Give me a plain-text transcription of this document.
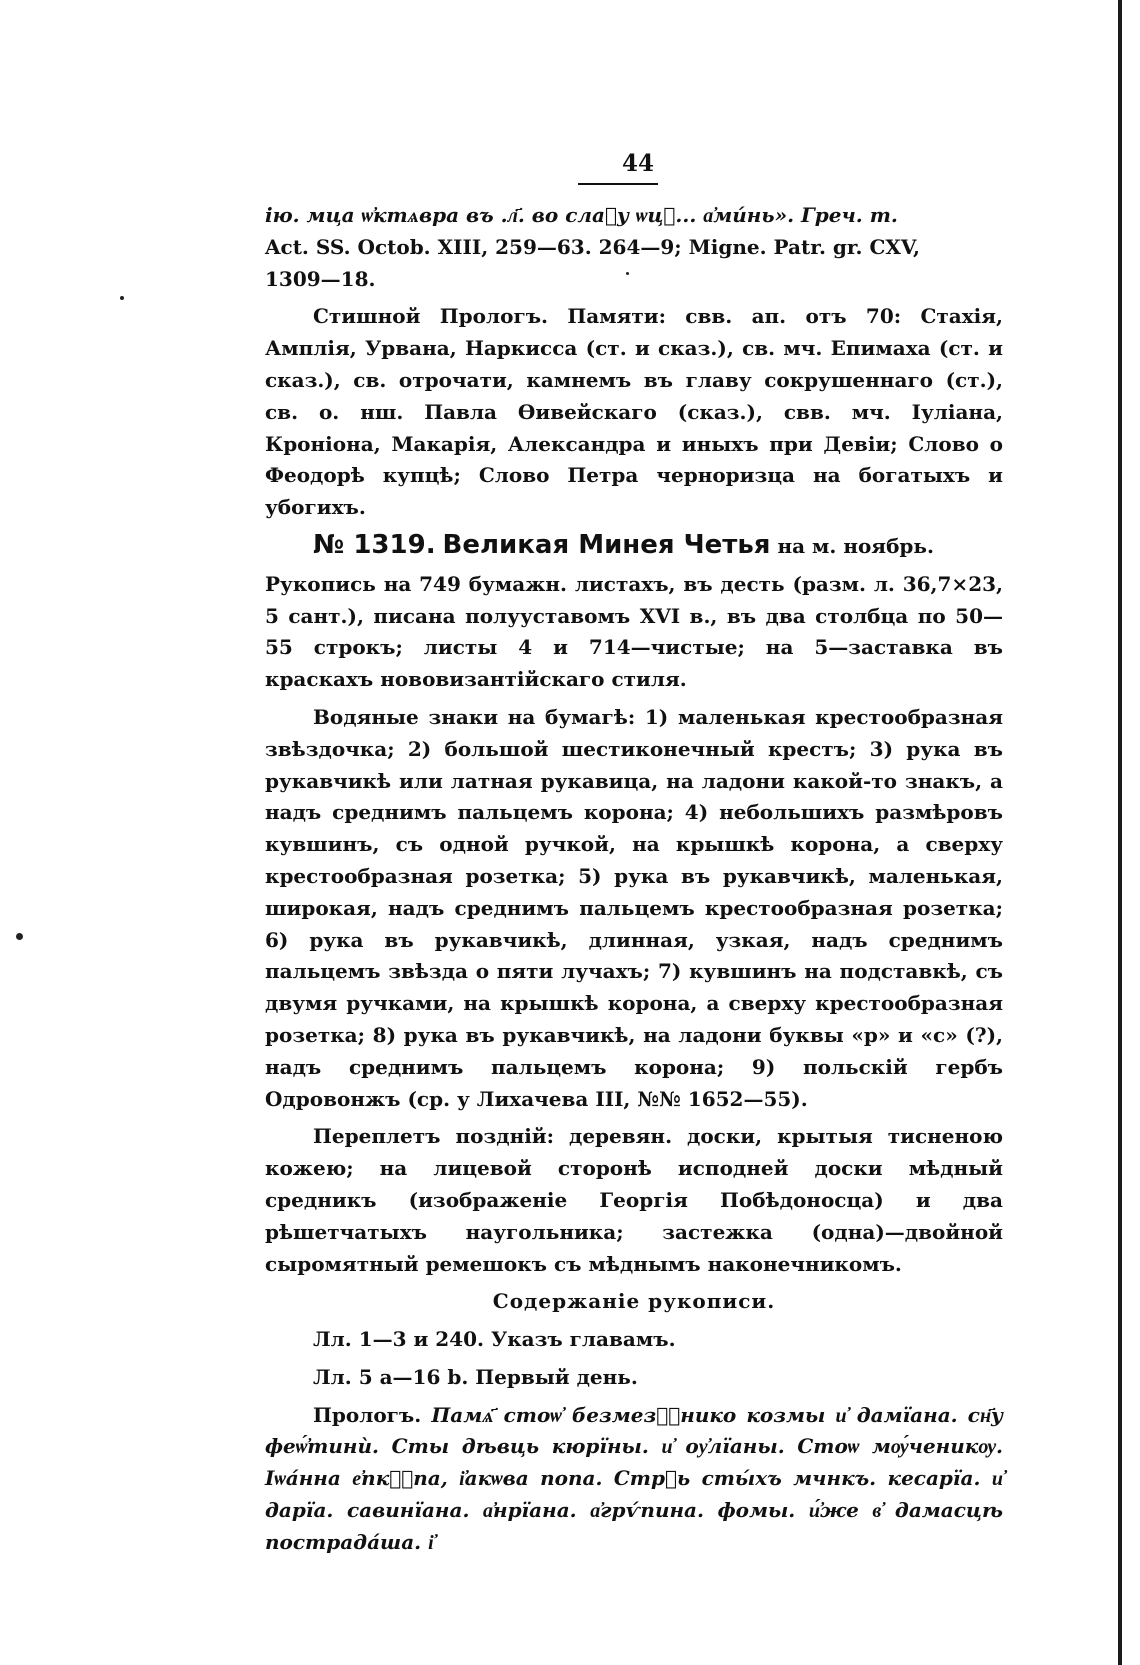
44

ію. мца ѡ҆ктѧвра въ .л҃. во слаⷡу ѡцⷶ... а҆ми́нь». Греч. т.

Act. SS. Octob. XIII, 259—63. 264—9; Migne. Patr. gr. CXV,

1309—18.

Стишной Прологъ. Памяти: свв. ап. отъ 70: Стахія, Амплія, Урвана, Наркисса (ст. и сказ.), св. мч. Епимаха (ст. и сказ.), св. отрочати, камнемъ въ главу сокрушеннаго (ст.), св. о. нш. Павла Өивейскаго (сказ.), свв. мч. Іуліана, Кроніона, Макарія, Александра и иныхъ при Девіи; Слово о Феодорѣ купцѣ; Слово Петра черноризца на богатыхъ и убогихъ.

№ 1319. Великая Минея Четья на м. ноябрь.

Рукопись на 749 бумажн. листахъ, въ десть (разм. л. 36,7×23, 5 сант.), писана полууставомъ XVI в., въ два столбца по 50—55 строкъ; листы 4 и 714—чистые; на 5—заставка въ краскахъ нововизантійскаго стиля.

Водяные знаки на бумагѣ: 1) маленькая крестообразная звѣздочка; 2) большой шестиконечный крестъ; 3) рука въ рукавчикѣ или латная рукавица, на ладони какой-то знакъ, а надъ среднимъ пальцемъ корона; 4) небольшихъ размѣровъ кувшинъ, съ одной ручкой, на крышкѣ корона, а сверху крестообразная розетка; 5) рука въ рукавчикѣ, маленькая, широкая, надъ среднимъ пальцемъ крестообразная розетка; 6) рука въ рукавчикѣ, длинная, узкая, надъ среднимъ пальцемъ звѣзда о пяти лучахъ; 7) кувшинъ на подставкѣ, съ двумя ручками, на крышкѣ корона, а сверху крестообразная розетка; 8) рука въ рукавчикѣ, на ладони буквы «р» и «с» (?), надъ среднимъ пальцемъ корона; 9) польскій гербъ Одровонжъ (ср. у Лихачева III, №№ 1652—55).

Переплетъ поздній: деревян. доски, крытыя тисненою кожею; на лицевой сторонѣ исподней доски мѣдный средникъ (изображеніе Георгія Побѣдоносца) и два рѣшетчатыхъ наугольника; застежка (одна)—двойной сыромятный ремешокъ съ мѣднымъ наконечникомъ.

Содержаніе рукописи.

Лл. 1—3 и 240. Указъ главамъ.

Лл. 5 а—16 b. Первый день.

Прологъ. Памѧ҃ стоѡ҆ безмезⷩ҇нико козмы и҆ дамїана. сн҃у феѡ҆́тинѝ. Сты дѣвць кюрїны. и҆ оу҆лїаны. Стоѡ мѹ́ченикѹ. Іѡа́нна е҆пкⷭ҇па, і҆акѡва попа. Стрⷮь сты́хъ мчнкъ. кесарїа. и҆ дарїа. савинїана. а҆нрїана. а҆грѵ́пина. фомы. и҆́же в҆ дамасцѣ пострада́ша. і҆
